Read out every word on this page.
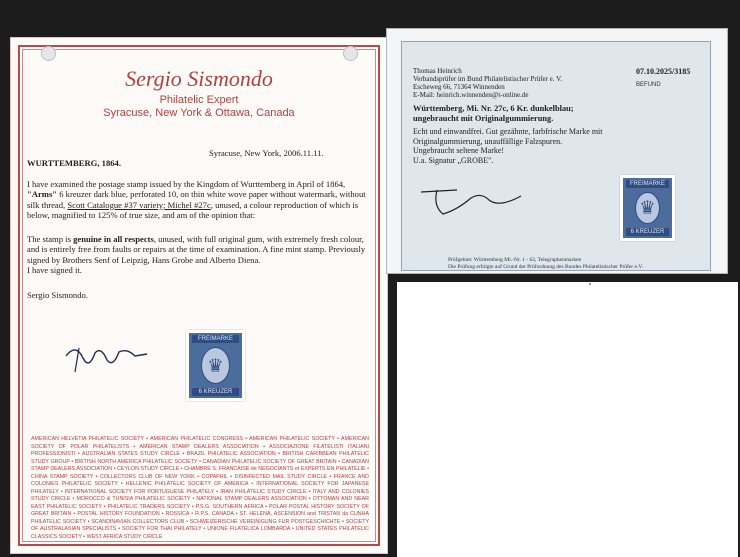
Sergio Sismondo
Philatelic Expert
Syracuse, New York & Ottawa, Canada
Syracuse, New York, 2006.11.11.
WURTTEMBERG, 1864.
I have examined the postage stamp issued by the Kingdom of Wurttemberg in April of 1864, "Arms" 6 kreuzer dark blue, perforated 10, on thin white wove paper without watermark, without silk thread, Scott Catalogue #37 variety; Michel #27c, unused, a colour reproduction of which is below, magnified to 125% of true size, and am of the opinion that:
The stamp is genuine in all respects, unused, with full original gum, with extremely fresh colour, and is entirely free from faults or repairs at the time of examination. A fine mint stamp. Previously signed by Brothers Senf of Leipzig, Hans Grobe and Alberto Diena.
I have signed it.
Sergio Sismondo.
FREIMARKE
♛
6 KREUZER
AMERICAN HELVETIA PHILATELIC SOCIETY • AMERICAN PHILATELIC CONGRESS • AMERICAN PHILATELIC SOCIETY • AMERICAN SOCIETY OF POLAR PHILATELISTS • AMERICAN STAMP DEALERS ASSOCIATION • ASSOCIAZIONE FILATELISTI ITALIANI PROFESSIONISTI • AUSTRALIAN STATES STUDY CIRCLE • BRAZIL PHILATELIC ASSOCIATION • BRITISH CARIBBEAN PHILATELIC STUDY GROUP • BRITISH NORTH AMERICA PHILATELIC SOCIETY • CANADIAN PHILATELIC SOCIETY OF GREAT BRITAIN • CANADIAN STAMP DEALERS ASSOCIATION • CEYLON STUDY CIRCLE • CHAMBRE S. FRANCAISE de NEGOCIANTS et EXPERTS EN PHILATELIE • CHINA STAMP SOCIETY • COLLECTORS CLUB OF NEW YORK • COPAPHIL • DISINFECTED MAIL STUDY CIRCLE • FRANCE AND COLONIES PHILATELIC SOCIETY • HELLENIC PHILATELIC SOCIETY OF AMERICA • INTERNATIONAL SOCIETY FOR JAPANESE PHILATELY • INTERNATIONAL SOCIETY FOR PORTUGUESE PHILATELY • IRAN PHILATELIC STUDY CIRCLE • ITALY AND COLONIES STUDY CIRCLE • MOROCCO & TUNISIA PHILATELIC SOCIETY • NATIONAL STAMP DEALERS ASSOCIATION • OTTOMAN AND NEAR EAST PHILATELIC SOCIETY • PHILATELIC TRADERS SOCIETY • P.S.G. SOUTHERN AFRICA • POLAR POSTAL HISTORY SOCIETY OF GREAT BRITAIN • POSTAL HISTORY FOUNDATION • ROSSICA • R.P.S. CANADA • ST. HELENA, ASCENSION and TRISTAN da CUNHA PHILATELIC SOCIETY • SCANDINAVIAN COLLECTORS CLUB • SCHWEIZERISCHE VEREINIGUNG FUR POSTGESCHICHTE • SOCIETY OF AUSTRALASIAN SPECIALISTS • SOCIETY FOR THAI PHILATELY • UNIONE FILATELICA LOMBARDA • UNITED STATES PHILATELIC CLASSICS SOCIETY • WEST AFRICA STUDY CIRCLE
Thomas Heinrich
Verbandsprüfer im Bund Philatelistischer Prüfer e. V.
Escheweg 66, 71364 Winnenden
E-Mail: heinrich.winnenden@t-online.de
07.10.2025/3185
BEFUND
Württemberg, Mi. Nr. 27c, 6 Kr. dunkelblau;
ungebraucht mit Originalgummierung.
Echt und einwandfrei. Gut gezähnte, farbfrische Marke mit
Originalgummierung, unauffällige Falzspuren.
Ungebraucht seltene Marke!
U.a. Signatur „GROBE".
FREIMARKE
♛
6 KREUZER
Prüfgebiet: Württemberg Mi.-Nr. 1 - 62, Telegraphenmarken
Die Prüfung erfolgte auf Grund der Prüfordnung des Bundes Philatelistischer Prüfer e.V.
